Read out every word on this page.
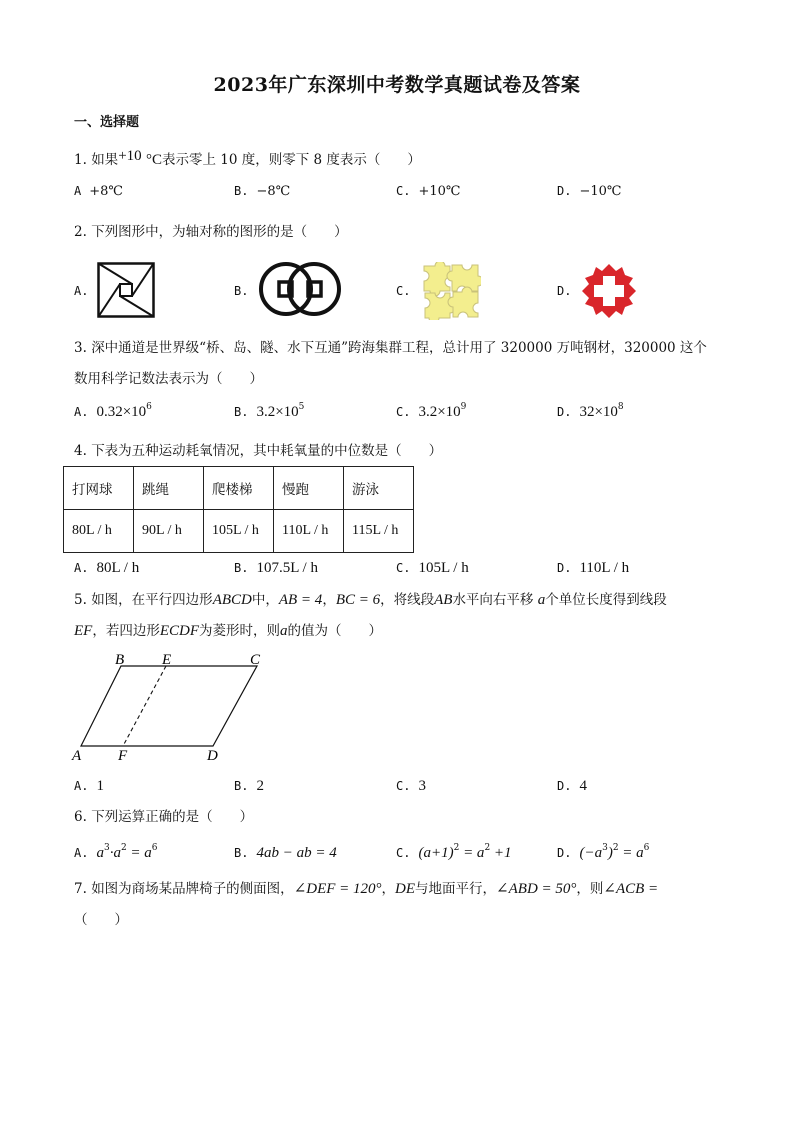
2023年广东深圳中考数学真题试卷及答案
一、选择题
1. 如果+10 °C表示零上 10 度，则零下 8 度表示（　　）
A +8℃	B. −8℃	C. +10℃	D. −10℃
2. 下列图形中，为轴对称的图形的是（　　）
A.	B.	C.	D.
3. 深中通道是世界级“桥、岛、隧、水下互通”跨海集群工程，总计用了 320000 万吨钢材，320000 这个
数用科学记数法表示为（　　）
A. $0.32\times 10^6$	B. $3.2\times 10^5$	C. $3.2\times 10^9$	D. $32\times 10^8$
4. 下表为五种运动耗氧情况，其中耗氧量的中位数是（　　）
打网球	跳绳	爬楼梯	慢跑	游泳
80L / h	90L / h	105L / h	110L / h	115L / h
A. 80L / h	B. 107.5L / h	C. 105L / h	D. 110L / h
5. 如图，在平行四边形ABCD中，AB = 4，BC = 6，将线段AB水平向右平移 a个单位长度得到线段
EF，若四边形ECDF为菱形时，则a的值为（　　）
B	E	C
A F	D
A. 1	B. 2	C. 3	D. 4
6. 下列运算正确的是（　　）
A. $a^3\cdot a^2 = a^6$	B. 4ab − ab = 4	C. $(a+1)^2 = a^2 +1$	D. $(-a^3)^2 = a^6$
7. 如图为商场某品牌椅子的侧面图，∠DEF = 120°，DE与地面平行，∠ABD = 50°，则∠ACB =
（　　）
